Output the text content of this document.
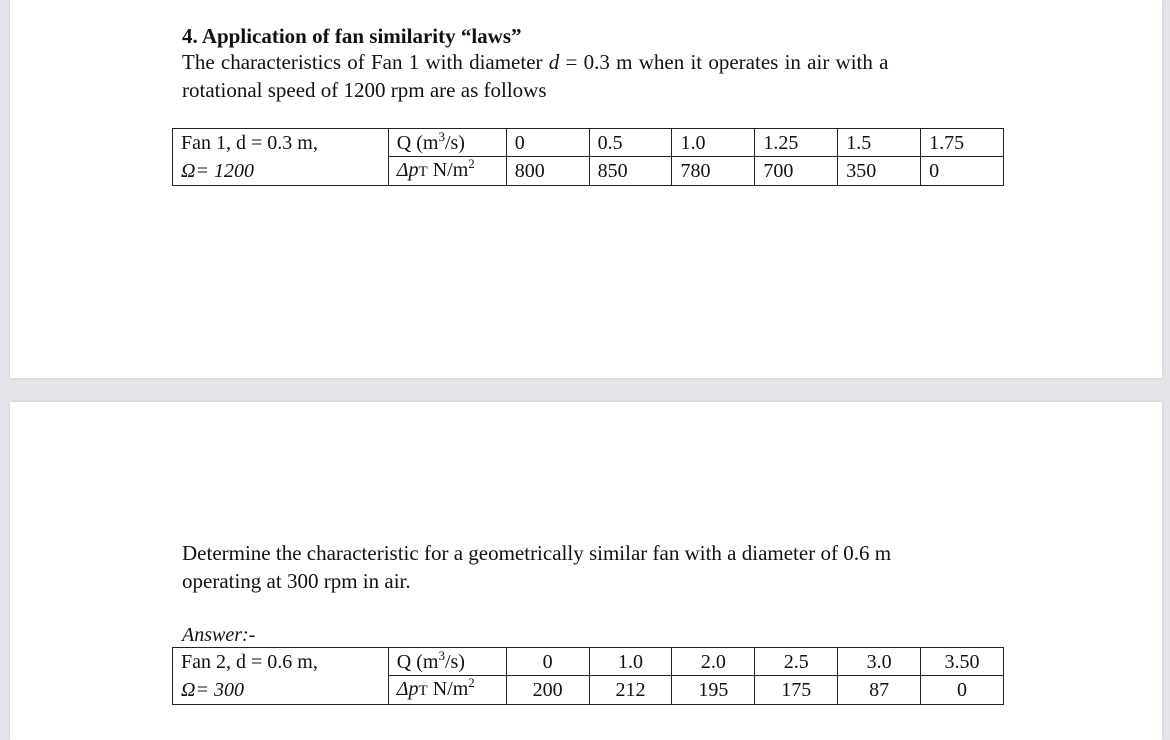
4. Application of fan similarity “laws”
The characteristics of Fan 1 with diameter d = 0.3 m when it operates in air with a
rotational speed of 1200 rpm are as follows
Fan 1, d = 0.3 m,	Q $(m^3/s)$	0	0.5	1.0	1.25	1.5	1.75
Ω= 1200	ΔpT $N/m^2$	800	850	780	700	350	0
Determine the characteristic for a geometrically similar fan with a diameter of 0.6 m
operating at 300 rpm in air.
Answer:-
Fan 2, d = 0.6 m,	Q $(m^3/s)$	0	1.0	2.0	2.5	3.0	3.50
Ω= 300	ΔpT $N/m^2$	200	212	195	175	87	0
